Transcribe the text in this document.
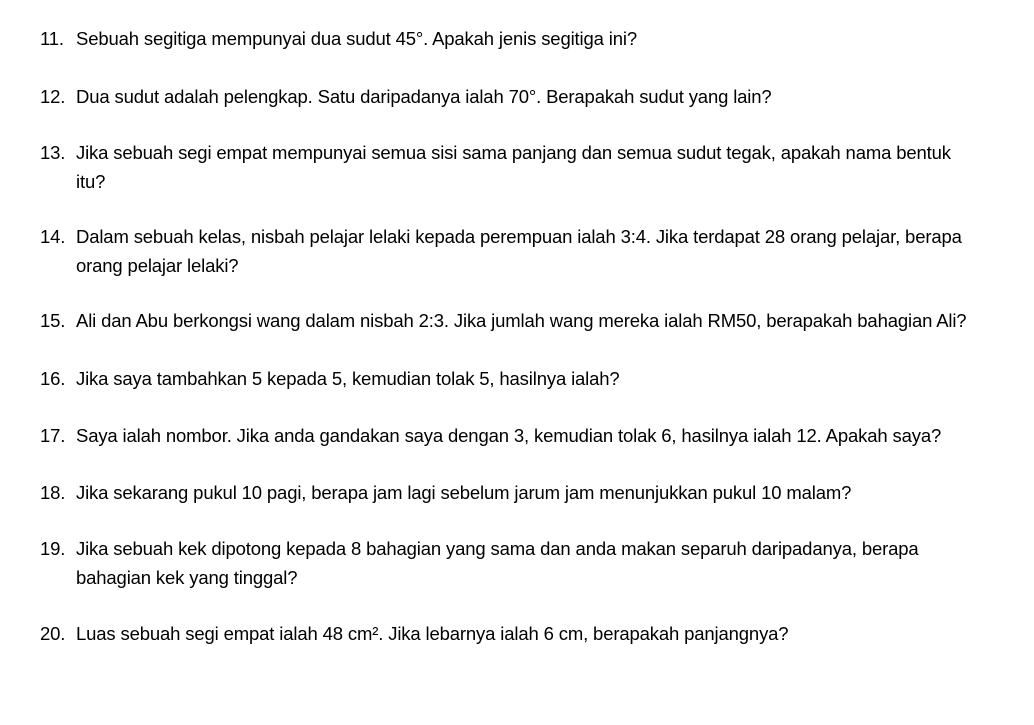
11. Sebuah segitiga mempunyai dua sudut 45°. Apakah jenis segitiga ini?
12. Dua sudut adalah pelengkap. Satu daripadanya ialah 70°. Berapakah sudut yang lain?
13. Jika sebuah segi empat mempunyai semua sisi sama panjang dan semua sudut tegak, apakah nama bentuk
itu?
14. Dalam sebuah kelas, nisbah pelajar lelaki kepada perempuan ialah 3:4. Jika terdapat 28 orang pelajar, berapa
orang pelajar lelaki?
15. Ali dan Abu berkongsi wang dalam nisbah 2:3. Jika jumlah wang mereka ialah RM50, berapakah bahagian Ali?
16. Jika saya tambahkan 5 kepada 5, kemudian tolak 5, hasilnya ialah?
17. Saya ialah nombor. Jika anda gandakan saya dengan 3, kemudian tolak 6, hasilnya ialah 12. Apakah saya?
18. Jika sekarang pukul 10 pagi, berapa jam lagi sebelum jarum jam menunjukkan pukul 10 malam?
19. Jika sebuah kek dipotong kepada 8 bahagian yang sama dan anda makan separuh daripadanya, berapa
bahagian kek yang tinggal?
20. Luas sebuah segi empat ialah 48 cm². Jika lebarnya ialah 6 cm, berapakah panjangnya?
